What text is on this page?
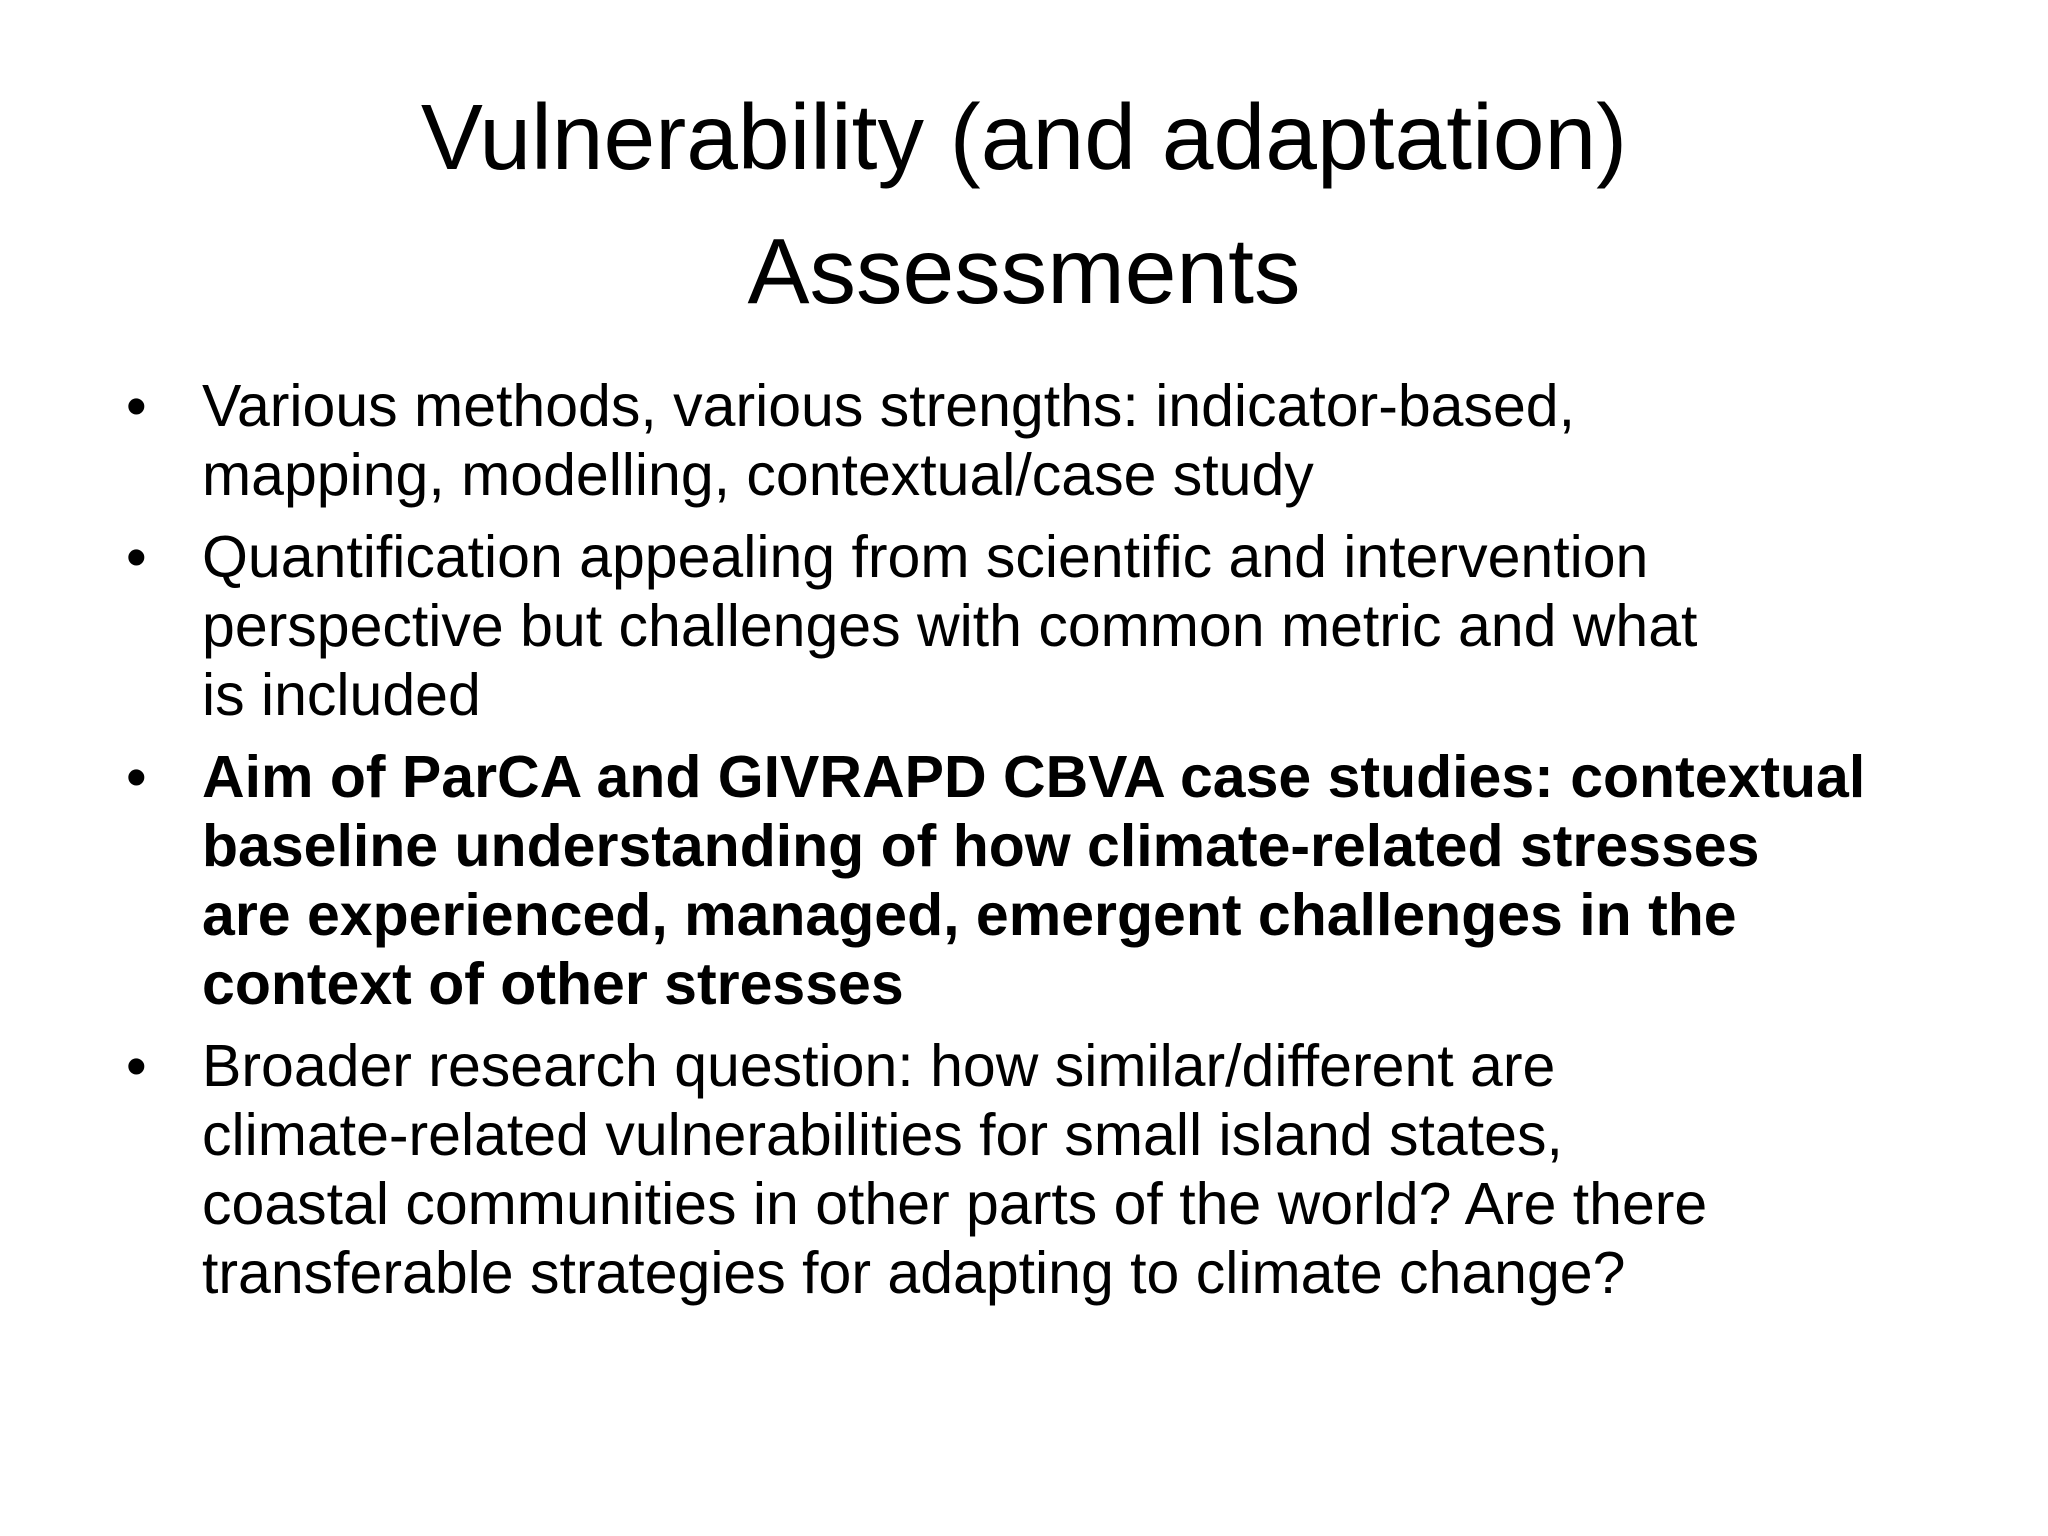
Vulnerability (and adaptation)
Assessments
• Various methods, various strengths: indicator-based,
mapping, modelling, contextual/case study
• Quantification appealing from scientific and intervention
perspective but challenges with common metric and what
is included
• Aim of ParCA and GIVRAPD CBVA case studies: contextual
baseline understanding of how climate-related stresses
are experienced, managed, emergent challenges in the
context of other stresses
• Broader research question: how similar/different are
climate-related vulnerabilities for small island states,
coastal communities in other parts of the world? Are there
transferable strategies for adapting to climate change?
